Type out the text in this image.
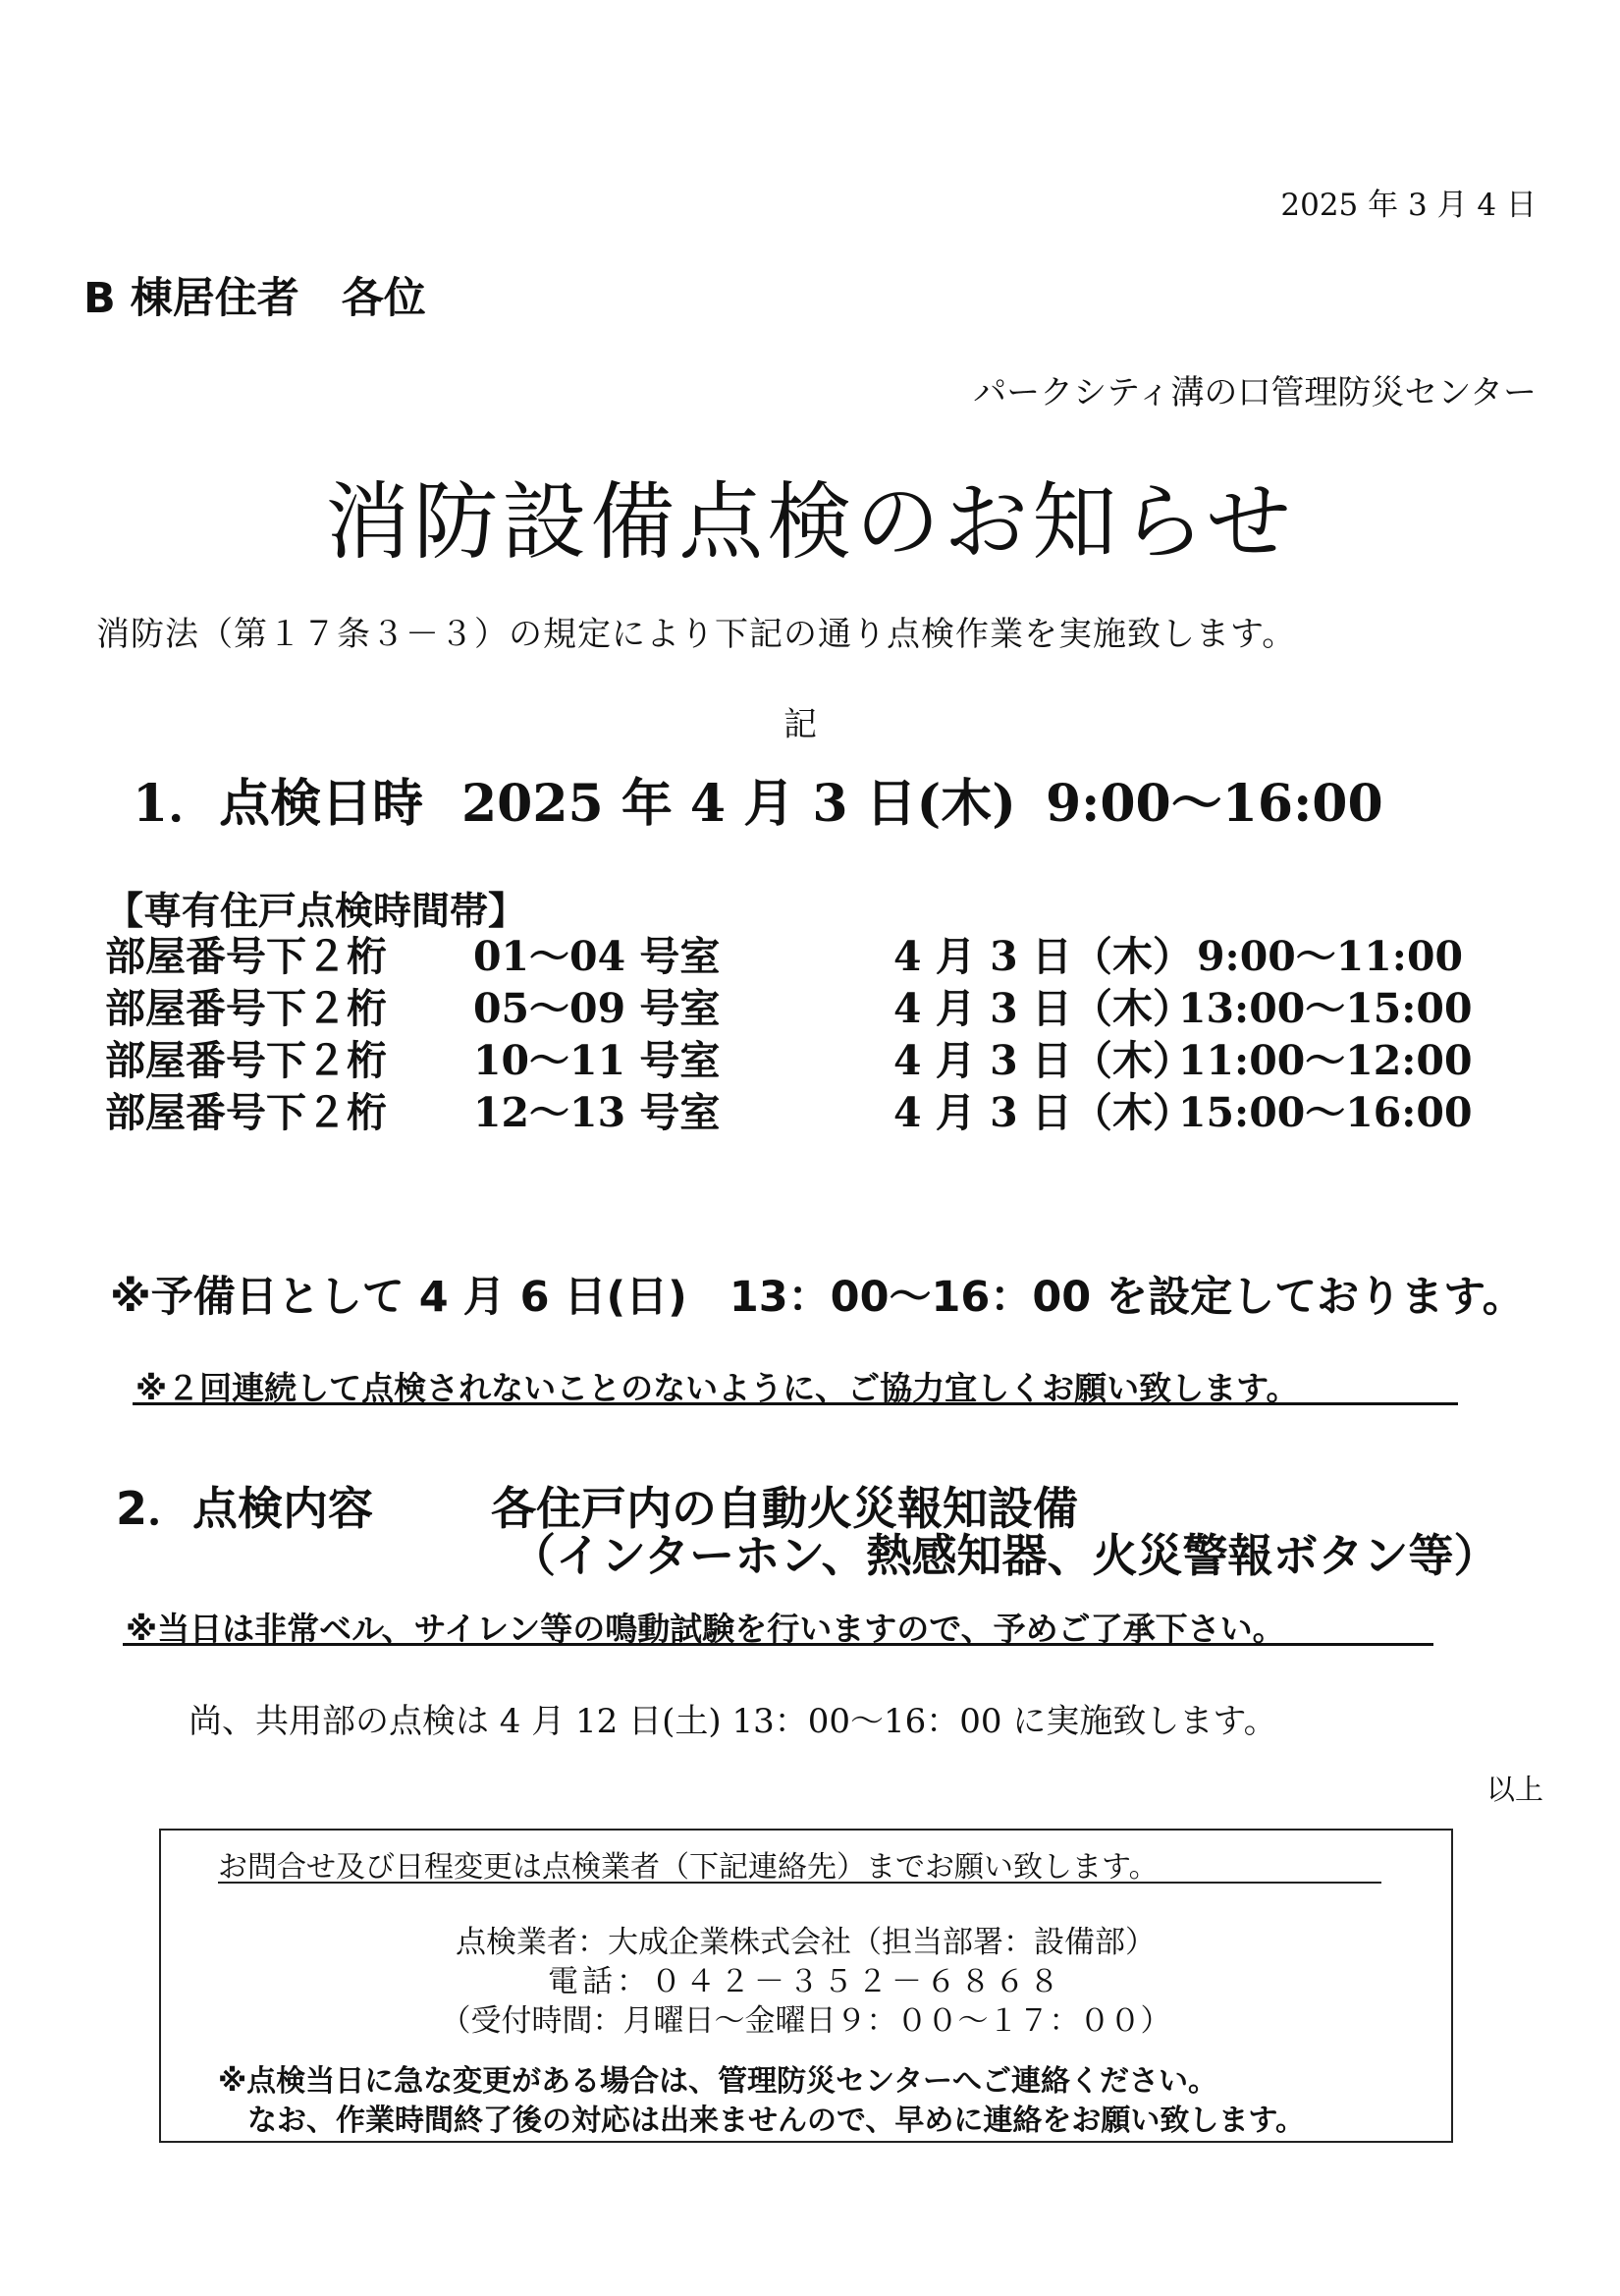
2025 年 3 月 4 日
B 棟居住者　各位
パークシティ溝の口管理防災センター
消防設備点検のお知らせ
消防法（第１７条３－３）の規定により下記の通り点検作業を実施致します。
記
1．点検日時 2025 年 4 月 3 日(木) 9:00～16:00
【専有住戸点検時間帯】
部屋番号下２桁 01～04 号室	4 月 3 日（木） 9:00～11:00
部屋番号下２桁 05～09 号室	4 月 3 日（木）13:00～15:00
部屋番号下２桁 10～11 号室	4 月 3 日（木）11:00～12:00
部屋番号下２桁 12～13 号室	4 月 3 日（木）15:00～16:00
※予備日として 4 月 6 日(日)　13：00～16：00 を設定しております。
※２回連続して点検されないことのないように、ご協力宜しくお願い致します。
2．点検内容	各住戸内の自動火災報知設備
（インターホン、熱感知器、火災警報ボタン等）
※当日は非常ベル、サイレン等の鳴動試験を行いますので、予めご了承下さい。
尚、共用部の点検は 4 月 12 日(土) 13：00～16：00 に実施致します。
以上
お問合せ及び日程変更は点検業者（下記連絡先）までお願い致します。
点検業者：大成企業株式会社（担当部署：設備部）
電話：０４２－３５２－６８６８
（受付時間：月曜日～金曜日９：００～１７：００）
※点検当日に急な変更がある場合は、管理防災センターへご連絡ください。
なお、作業時間終了後の対応は出来ませんので、早めに連絡をお願い致します。
